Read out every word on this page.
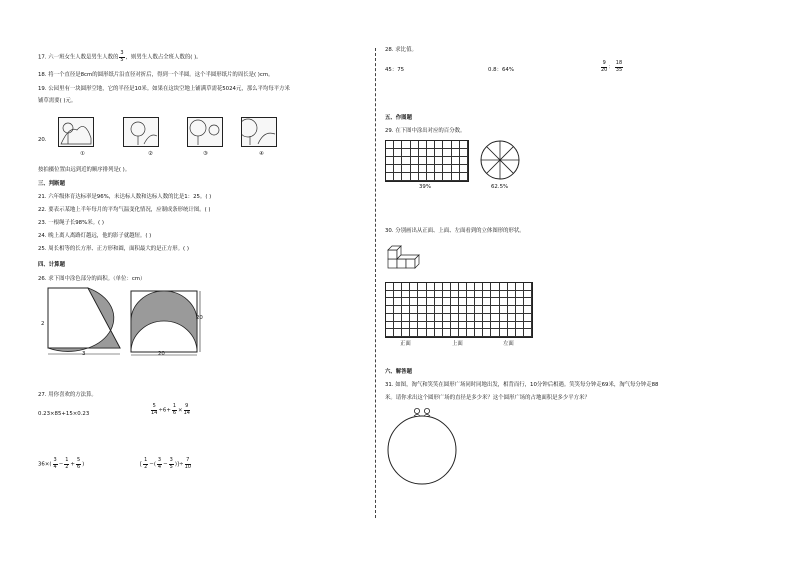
17. 六一班女生人数是男生人数的 $\frac{3}{5}$ ，则男生人数占全班人数的( )。
18. 将一个直径是8cm的圆形纸片沿直径对折后，得到一个半圆。这个半圆形纸片的周长是( )cm。
19. 公园里有一块圆形空地，它的半径是10米。如果在这块空地上铺满草需花5024元，那么平均每平方米
铺草需要( )元。
20.
①	②	③	④
按拍摄位置由远到近的顺序排列是( )。
三、判断题
21. 六年级体育达标率是96%，未达标人数和达标人数的比是1：25。( )
22. 要表示某地上半年每月的平均气温变化情况，应制成条形统计图。( )
23. 一根绳子长98%米。( )
24. 晚上离人离路灯越远，他的影子就越短。( )
25. 周长相等的长方形、正方形和圆，面积最大的是正方形。( )
四、计算题
26. 求下图中涂色部分的面积。（单位：cm）
2
3
20
20
27. 用你喜欢的方法算。
0.23×85+15×0.23	$\frac{5}{14} \div 6+ \frac{1}{6} \times \frac{9}{14}$
$36\times( \frac{3}{4} - \frac{1}{2} + \frac{5}{6}$ )	[ $\frac{1}{2}$ −( $\frac{3}{4} - \frac{3}{5}$ )]÷ $\frac{7}{10}$
28. 求比值。
45：75	0.8：64%	$\frac{9}{20}$ ： $\frac{18}{35}$
五、作图题
29. 在下图中涂出对应的百分数。
39%	62.5%
30. 分别画出从正面、上面、左面看到的立体图形的形状。
正面	上面	左面
六、解答题
31. 如图，淘气和笑笑在圆形广场同时同地出发，相背而行，10分钟后相遇。笑笑每分钟走69米，淘气每分钟走88
米。请你求出这个圆形广场的直径是多少米？这个圆形广场的占地面积是多少平方米？
